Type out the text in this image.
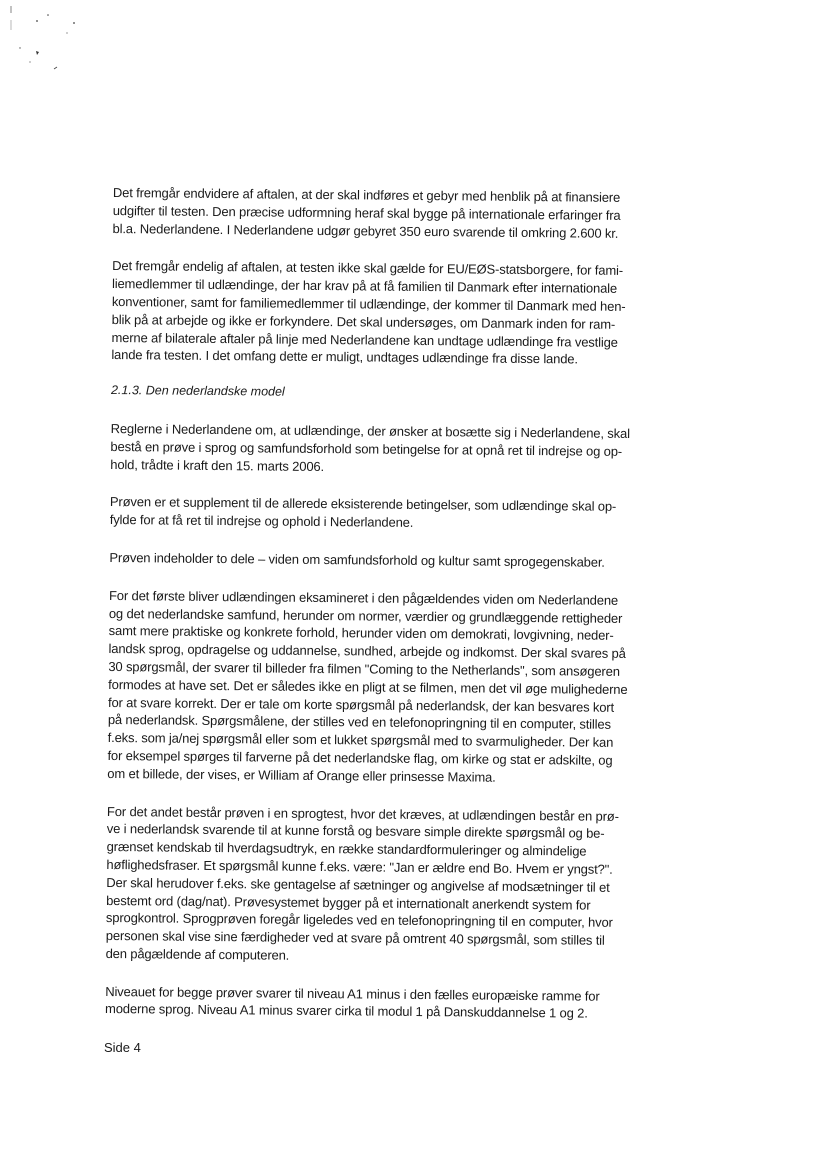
Det fremgår endvidere af aftalen, at der skal indføres et gebyr med henblik på at finansiere
udgifter til testen. Den præcise udformning heraf skal bygge på internationale erfaringer fra
bl.a. Nederlandene. I Nederlandene udgør gebyret 350 euro svarende til omkring 2.600 kr.

Det fremgår endelig af aftalen, at testen ikke skal gælde for EU/EØS-statsborgere, for fami-
liemedlemmer til udlændinge, der har krav på at få familien til Danmark efter internationale
konventioner, samt for familiemedlemmer til udlændinge, der kommer til Danmark med hen-
blik på at arbejde og ikke er forkyndere. Det skal undersøges, om Danmark inden for ram-
merne af bilaterale aftaler på linje med Nederlandene kan undtage udlændinge fra vestlige
lande fra testen. I det omfang dette er muligt, undtages udlændinge fra disse lande.

2.1.3. Den nederlandske model

Reglerne i Nederlandene om, at udlændinge, der ønsker at bosætte sig i Nederlandene, skal
bestå en prøve i sprog og samfundsforhold som betingelse for at opnå ret til indrejse og op-
hold, trådte i kraft den 15. marts 2006.

Prøven er et supplement til de allerede eksisterende betingelser, som udlændinge skal op-
fylde for at få ret til indrejse og ophold i Nederlandene.

Prøven indeholder to dele – viden om samfundsforhold og kultur samt sprogegenskaber.

For det første bliver udlændingen eksamineret i den pågældendes viden om Nederlandene
og det nederlandske samfund, herunder om normer, værdier og grundlæggende rettigheder
samt mere praktiske og konkrete forhold, herunder viden om demokrati, lovgivning, neder-
landsk sprog, opdragelse og uddannelse, sundhed, arbejde og indkomst. Der skal svares på
30 spørgsmål, der svarer til billeder fra filmen "Coming to the Netherlands", som ansøgeren
formodes at have set. Det er således ikke en pligt at se filmen, men det vil øge mulighederne
for at svare korrekt. Der er tale om korte spørgsmål på nederlandsk, der kan besvares kort
på nederlandsk. Spørgsmålene, der stilles ved en telefonopringning til en computer, stilles
f.eks. som ja/nej spørgsmål eller som et lukket spørgsmål med to svarmuligheder. Der kan
for eksempel spørges til farverne på det nederlandske flag, om kirke og stat er adskilte, og
om et billede, der vises, er William af Orange eller prinsesse Maxima.

For det andet består prøven i en sprogtest, hvor det kræves, at udlændingen består en prø-
ve i nederlandsk svarende til at kunne forstå og besvare simple direkte spørgsmål og be-
grænset kendskab til hverdagsudtryk, en række standardformuleringer og almindelige
høflighedsfraser. Et spørgsmål kunne f.eks. være: "Jan er ældre end Bo. Hvem er yngst?".
Der skal herudover f.eks. ske gentagelse af sætninger og angivelse af modsætninger til et
bestemt ord (dag/nat). Prøvesystemet bygger på et internationalt anerkendt system for
sprogkontrol. Sprogprøven foregår ligeledes ved en telefonopringning til en computer, hvor
personen skal vise sine færdigheder ved at svare på omtrent 40 spørgsmål, som stilles til
den pågældende af computeren.

Niveauet for begge prøver svarer til niveau A1 minus i den fælles europæiske ramme for
moderne sprog. Niveau A1 minus svarer cirka til modul 1 på Danskuddannelse 1 og 2.

Side 4
